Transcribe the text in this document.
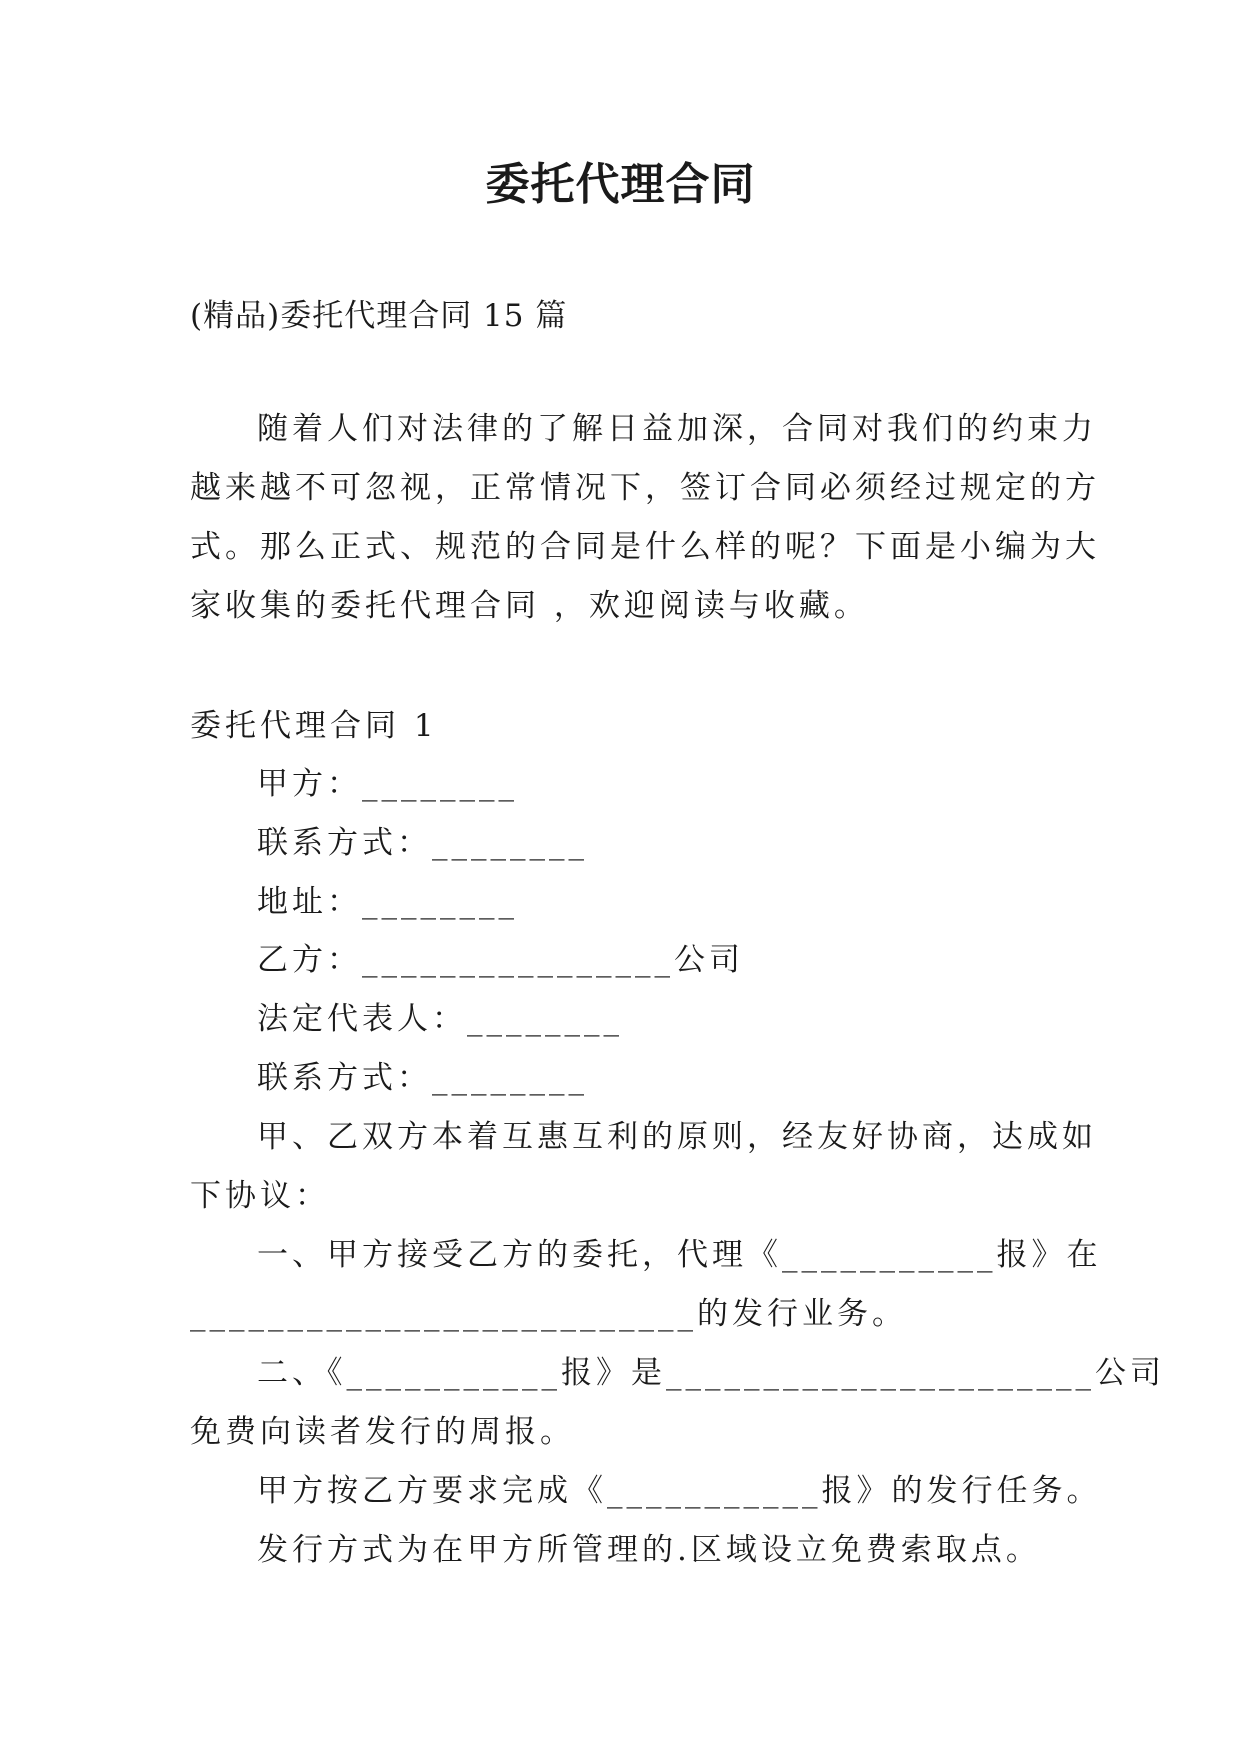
委托代理合同
(精品)委托代理合同 15 篇
随着人们对法律的了解日益加深，合同对我们的约束力
越来越不可忽视，正常情况下，签订合同必须经过规定的方
式。那么正式、规范的合同是什么样的呢？下面是小编为大
家收集的委托代理合同 ，欢迎阅读与收藏。
委托代理合同 1
甲方：________
联系方式：________
地址：________
乙方：________________公司
法定代表人：________
联系方式：________
甲、乙双方本着互惠互利的原则，经友好协商，达成如
下协议：
一、甲方接受乙方的委托，代理《___________报》在
__________________________的发行业务。
二、《___________报》是______________________公司
免费向读者发行的周报。
甲方按乙方要求完成《___________报》的发行任务。
发行方式为在甲方所管理的.区域设立免费索取点。
